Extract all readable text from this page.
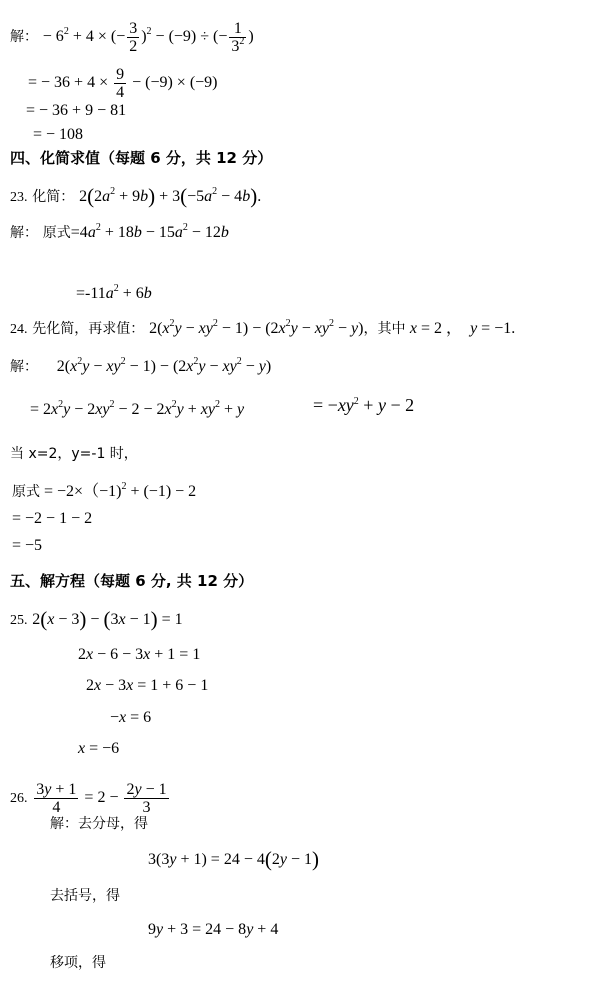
解： − $6^2 + 4$ × (− $\frac{3}{2} )^2 - (-9)$ ÷ (− $\frac{1}{3^2}$ )
= − $36 + 4 \times \frac{9}{4} - (-9) \times (-9)$
= − 36 + 9 − 81
= − 108
四、化简求值（每题 6 分，共 12 分）
23. 化简： $2(2a^2 + 9b) + 3(-5a^2 - 4b)$.
解： 原式$=4a^2 + 18b - 15a^2 - 12b$
$=-11a^2 + 6b$
24. 先化简，再求值： $2(x^2y - xy^2 - 1) - (2x^2y - xy^2 - y)$，其中 x = 2 ，  y = −1.
解： $2(x^2y - xy^2 - 1) - (2x^2y - xy^2 - y)$
= $2x^2y - 2xy^2 - 2 - 2x^2y + xy^2 + y$	= $-xy^2 + y - 2$
当 x=2，y=-1 时，
原式 = −2×（−1)$^2$ + (−1) − 2
= −2 − 1 − 2
= −5
五、解方程（每题 6 分, 共 12 分）
25. 2(x − 3) − (3x − 1) = 1
2x − 6 − 3x + 1 = 1
2x − 3x = 1 + 6 − 1
−x = 6
x = −6
26. $\frac{3y + 1}{4} = 2 - \frac{2y - 1}{3}$
解：去分母，得
3(3y + 1) = 24 − 4(2y − 1)
去括号，得
9y + 3 = 24 − 8y + 4
移项，得
